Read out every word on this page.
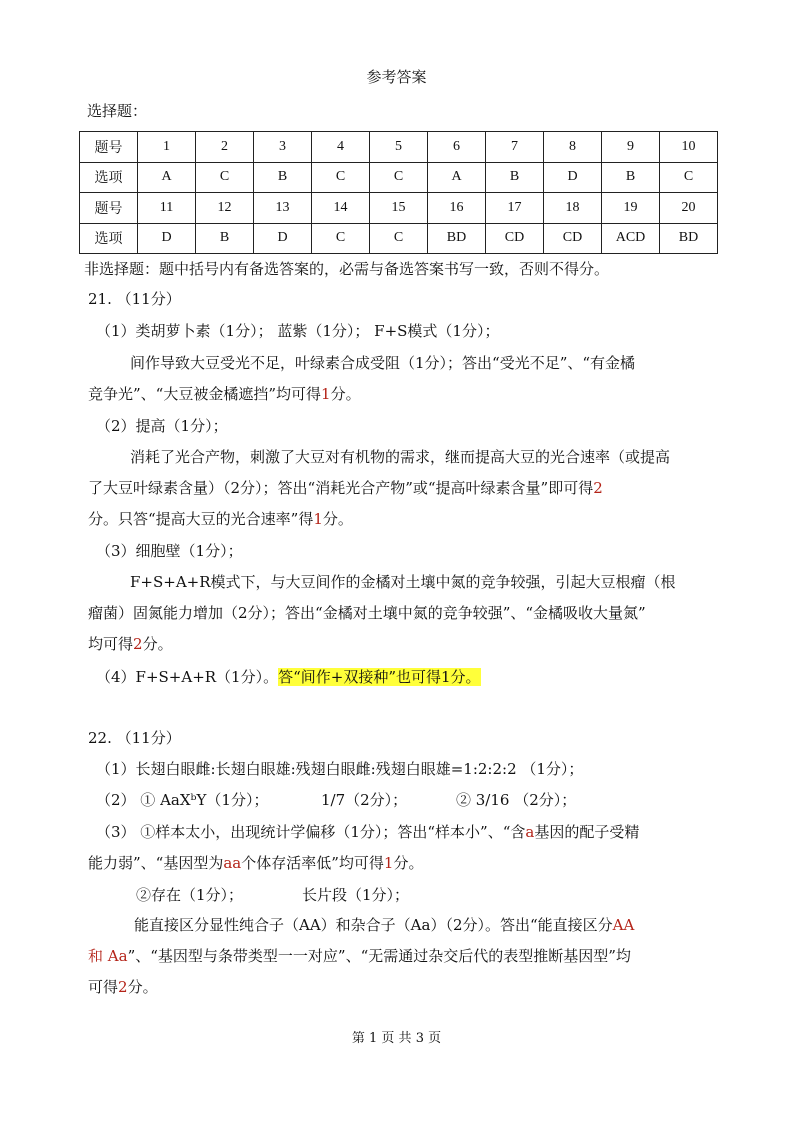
参考答案
选择题：
题号	1	2	3	4	5	6	7	8	9	10
选项	A	C	B	C	C	A	B	D	B	C
题号	11	12	13	14	15	16	17	18	19	20
选项	D	B	D	C	C	BD	CD	CD	ACD	BD
非选择题：题中括号内有备选答案的，必需与备选答案书写一致，否则不得分。
21. （11分）
（1）类胡萝卜素（1分）； 蓝紫（1分）； F+S模式（1分）；
间作导致大豆受光不足，叶绿素合成受阻（1分）；答出“受光不足”、“有金橘
竞争光”、“大豆被金橘遮挡”均可得1分。
（2）提高（1分）；
消耗了光合产物，刺激了大豆对有机物的需求，继而提高大豆的光合速率（或提高
了大豆叶绿素含量）（2分）；答出“消耗光合产物”或“提高叶绿素含量”即可得2
分。只答“提高大豆的光合速率”得1分。
（3）细胞壁（1分）；
F+S+A+R模式下，与大豆间作的金橘对土壤中氮的竞争较强，引起大豆根瘤（根
瘤菌）固氮能力增加（2分）；答出“金橘对土壤中氮的竞争较强”、“金橘吸收大量氮”
均可得2分。
（4）F+S+A+R（1分）。答“间作+双接种”也可得1分。
22. （11分）
（1）长翅白眼雌:长翅白眼雄:残翅白眼雌:残翅白眼雄=1:2:2:2 （1分）；
（2） ① AaXᵇY（1分）；	1/7（2分）；	② 3/16 （2分）；
（3） ①样本太小，出现统计学偏移（1分）；答出“样本小”、“含a基因的配子受精
能力弱”、“基因型为aa个体存活率低”均可得1分。
②存在（1分）；	长片段（1分）；
能直接区分显性纯合子（AA）和杂合子（Aa）（2分）。答出“能直接区分AA
和 Aa”、“基因型与条带类型一一对应”、“无需通过杂交后代的表型推断基因型”均
可得2分。
第 1 页 共 3 页
